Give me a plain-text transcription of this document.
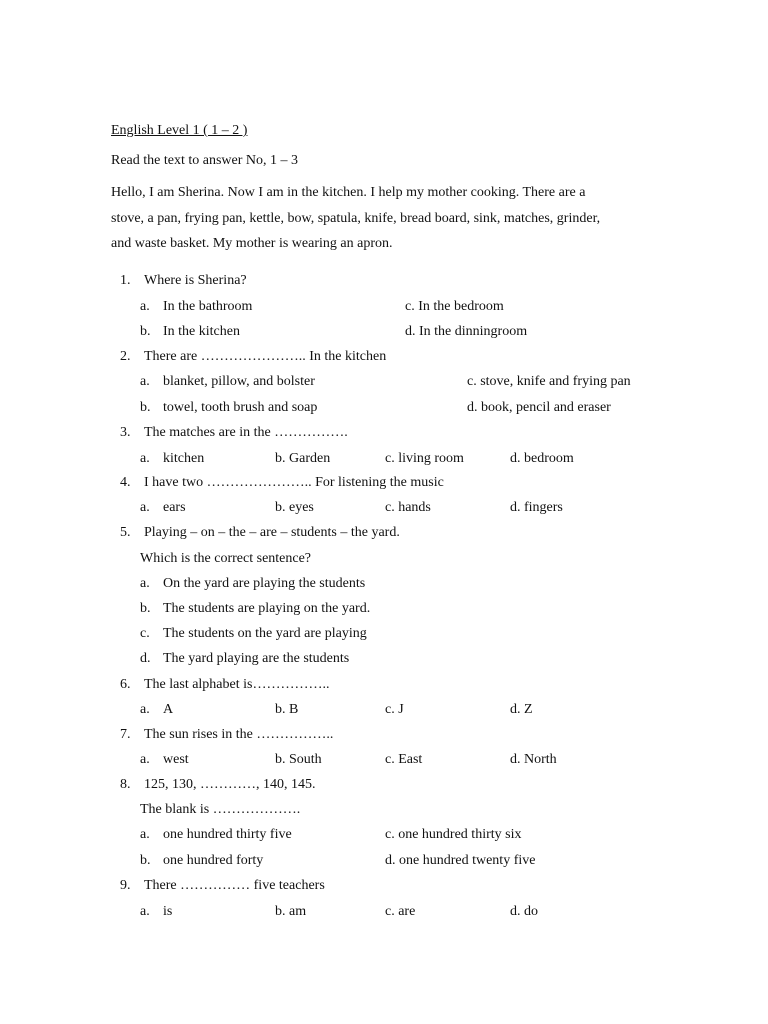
English Level 1 ( 1 – 2 )
Read the text to answer No, 1 – 3
Hello, I am Sherina. Now I am in the kitchen. I help my mother cooking. There are a
stove, a pan, frying pan, kettle, bow, spatula, knife, bread board, sink, matches, grinder,
and waste basket. My mother is wearing an apron.
1. Where is Sherina?
a. In the bathroom	c. In the bedroom
b. In the kitchen	d. In the dinningroom
2. There are ………………….. In the kitchen
a. blanket, pillow, and bolster	c. stove, knife and frying pan
b. towel, tooth brush and soap	d. book, pencil and eraser
3. The matches are in the …………….
a. kitchen	b. Garden	c. living room	d. bedroom
4. I have two ………………….. For listening the music
a. ears	b. eyes	c. hands	d. fingers
5. Playing – on – the – are – students – the yard.
Which is the correct sentence?
a. On the yard are playing the students
b. The students are playing on the yard.
c. The students on the yard are playing
d. The yard playing are the students
6. The last alphabet is……………..
a. A	b. B	c. J	d. Z
7. The sun rises in the ……………..
a. west	b. South	c. East	d. North
8. 125, 130, …………, 140, 145.
The blank is ……………….
a. one hundred thirty five	c. one hundred thirty six
b. one hundred forty	d. one hundred twenty five
9. There …………… five teachers
a. is	b. am	c. are	d. do
